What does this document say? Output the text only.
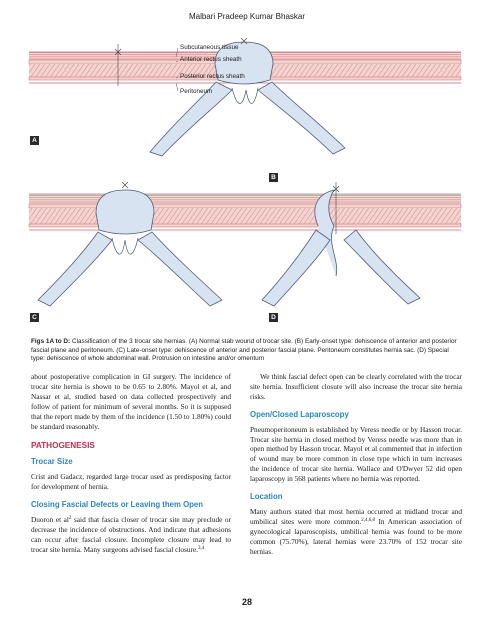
Malbari Pradeep Kumar Bhaskar
Subcutaneous tissue
Anterior rectus sheath
Posterior rectus sheath
Peritoneum
A
B
C	D
Figs 1A to D: Classification of the 3 trocar site hernias. (A) Normal stab wound of trocar site. (B) Early-onset type: dehiscence of anterior and posterior fascial plane and peritoneum. (C) Late-onset type: dehiscence of anterior and posterior fascial plane. Peritoneum constitutes hernia sac. (D) Special type: dehiscence of whole abdominal wall. Protrusion on intestine and/or omentum

about postoperative complication in GI surgery. The incidence of trocar site hernia is shown to be 0.65 to 2.80%. Mayol et al, and Nassar et al, studied based on data collected prospectively and follow of patient for minimum of several months. So it is supposed that the report made by them of the incidence (1.50 to 1.80%) could be standard reasonably.

PATHOGENESIS
Trocar Size

Crist and Gadacz, regarded large trocar used as predisposing factor for development of hernia.

Closing Fascial Defects or Leaving them Open

Duoron et $al^2$ said that fascia closer of trocar site may preclude or decrease the incidence of obstructions. And indicate that adhesions can occur after fascial closure. Incomplete closure may lead to trocar site hernia. Many surgeons advised fascial closure.$^{3,4}$

We think fascial defect open can be clearly correlated with the trocar site hernia. Insufficient closure will also increase the trocar site hernia risks.

Open/Closed Laparoscopy

Pneumoperitoneum is established by Veress needle or by Hasson trocar. Trocar site hernia in closed method by Veress needle was more than in open method by Hasson trocar. Mayol et al commented that in infection of wound may be more common in close type which in turn increases the incidence of trocar site hernia. Wallace and O'Dwyer 52 did open laparoscopy in 568 patients where no hernia was reported.

Location

Many authors stated that most hernia occurred at midland trocar and umbilical sites were more common.$^{2,4,6,8}$ In American association of gynecological laparoscopists, umbilical hernia was found to be more common (75.70%), lateral hernias were 23.70% of 152 trocar site hernias.

28
